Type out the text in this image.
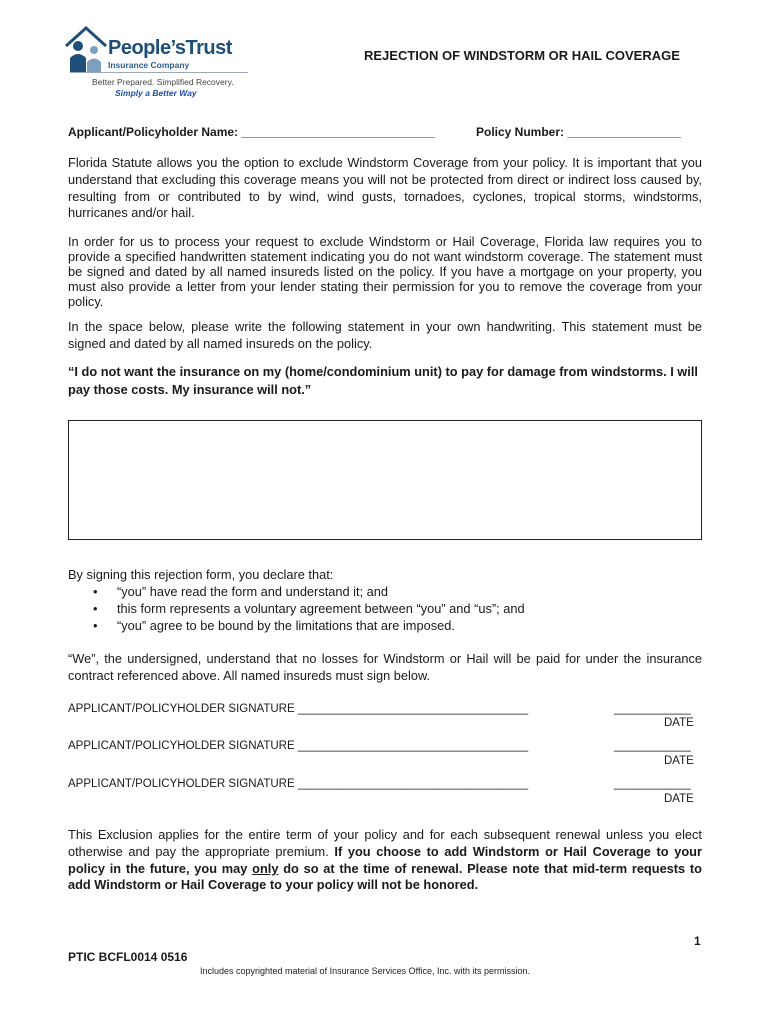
People’sTrust
Insurance Company
Better Prepared. Simplified Recovery.
Simply a Better Way
REJECTION OF WINDSTORM OR HAIL COVERAGE
Applicant/Policyholder Name: _____________________________	Policy Number: _________________
Florida Statute allows you the option to exclude Windstorm Coverage from your policy. It is important that you understand that excluding this coverage means you will not be protected from direct or indirect loss caused by, resulting from or contributed to by wind, wind gusts, tornadoes, cyclones, tropical storms, windstorms, hurricanes and/or hail.
In order for us to process your request to exclude Windstorm or Hail Coverage, Florida law requires you to provide a specified handwritten statement indicating you do not want windstorm coverage. The statement must be signed and dated by all named insureds listed on the policy. If you have a mortgage on your property, you must also provide a letter from your lender stating their permission for you to remove the coverage from your policy.
In the space below, please write the following statement in your own handwriting. This statement must be signed and dated by all named insureds on the policy.
“I do not want the insurance on my (home/condominium unit) to pay for damage from windstorms. I will pay those costs. My insurance will not.”
By signing this rejection form, you declare that:
• “you” have read the form and understand it; and
• this form represents a voluntary agreement between “you” and “us”; and
• “you” agree to be bound by the limitations that are imposed.
“We”, the undersigned, understand that no losses for Windstorm or Hail will be paid for under the insurance contract referenced above. All named insureds must sign below.
APPLICANT/POLICYHOLDER SIGNATURE ____________________________________	____________
DATE
APPLICANT/POLICYHOLDER SIGNATURE ____________________________________	____________
DATE
APPLICANT/POLICYHOLDER SIGNATURE ____________________________________	____________
DATE
This Exclusion applies for the entire term of your policy and for each subsequent renewal unless you elect otherwise and pay the appropriate premium. If you choose to add Windstorm or Hail Coverage to your policy in the future, you may only do so at the time of renewal. Please note that mid-term requests to add Windstorm or Hail Coverage to your policy will not be honored.
1
PTIC BCFL0014 0516
Includes copyrighted material of Insurance Services Office, Inc. with its permission.
